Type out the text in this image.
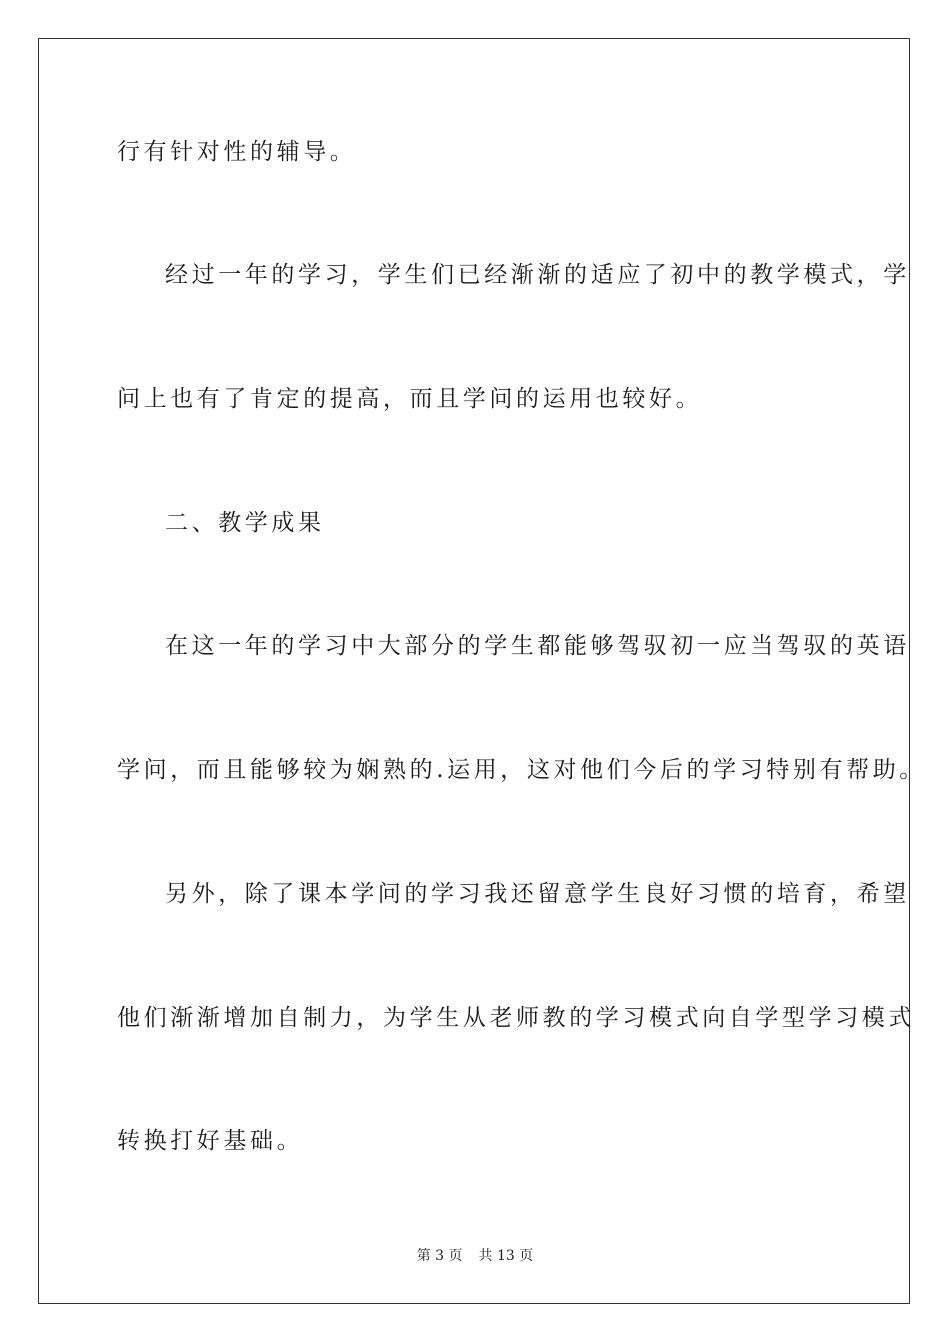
行有针对性的辅导。
经过一年的学习，学生们已经渐渐的适应了初中的教学模式，学
问上也有了肯定的提高，而且学问的运用也较好。
二、教学成果
在这一年的学习中大部分的学生都能够驾驭初一应当驾驭的英语
学问，而且能够较为娴熟的.运用，这对他们今后的学习特别有帮助。
另外，除了课本学问的学习我还留意学生良好习惯的培育，希望
他们渐渐增加自制力，为学生从老师教的学习模式向自学型学习模式
转换打好基础。
第 3 页 共 13 页
